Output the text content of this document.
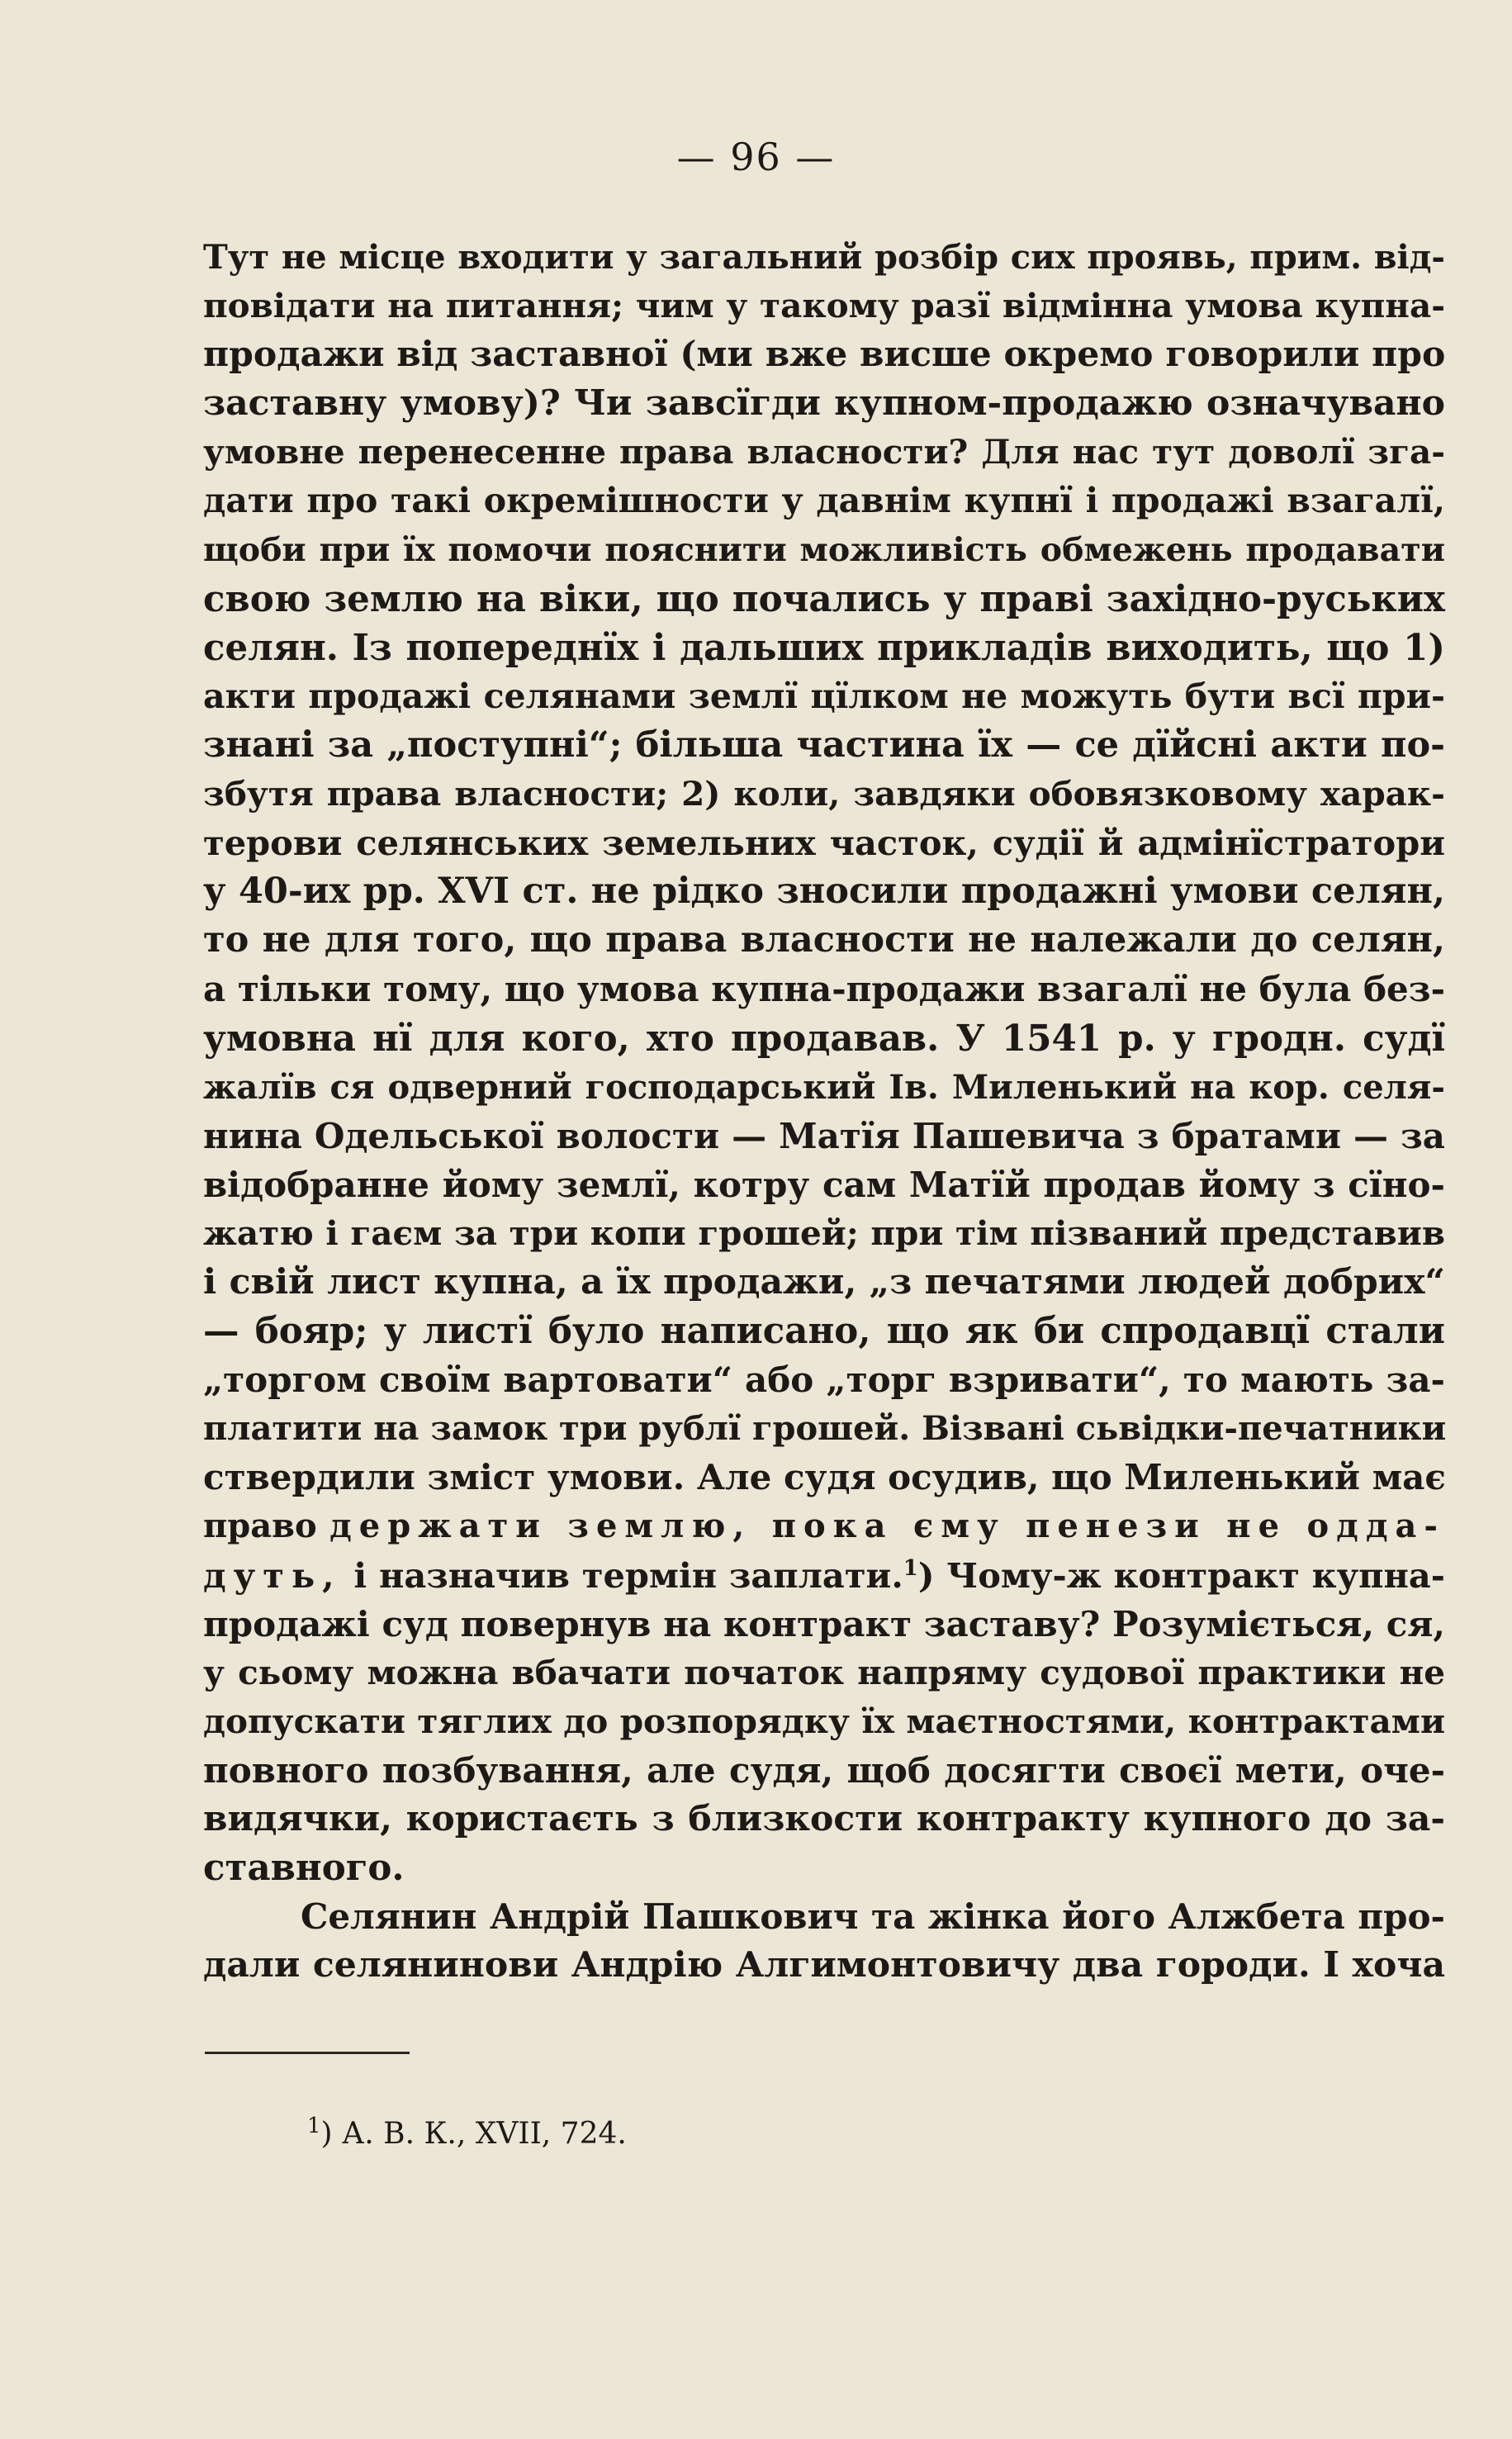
— 96 —
Тут не місце входити у загальний розбір сих проявь, прим. від-
повідати на питання; чим у такому разї відмінна умова купна-
продажи від заставної (ми вже висше окремо говорили про
заставну умову)? Чи завсїгди купном-продажю означувано
умовне перенесенне права власности? Для нас тут доволї зга-
дати про такі окремішности у давнім купнї і продажі взагалї,
щоби при їх помочи пояснити можливість обмежень продавати
свою землю на віки, що почались у праві західно-руських
селян. Із попереднїх і дальших прикладів виходить, що 1)
акти продажі селянами землї цїлком не можуть бути всї при-
знані за „поступні“; більша частина їх — се дїйсні акти по-
збутя права власности; 2) коли, завдяки обовязковому харак-
терови селянських земельних часток, судії й адмінїстратори
у 40-их рр. XVI ст. не рідко зносили продажні умови селян,
то не для того, що права власности не належали до селян,
а тільки тому, що умова купна-продажи взагалї не була без-
умовна нї для кого, хто продавав. У 1541 р. у гродн. судї
жалїв ся одверний господарський Ів. Миленький на кор. селя-
нина Одельської волости — Матїя Пашевича з братами — за
відобранне йому землї, котру сам Матїй продав йому з сїно-
жатю і гаєм за три копи грошей; при тім пізваний представив
і свій лист купна, а їх продажи, „з печатями людей добрих“
— бояр; у листї було написано, що як би спродавцї стали
„торгом своїм вартовати“ або „торг взривати“, то мають за-
платити на замок три рублї грошей. Візвані сьвідки-печатники
ствердили зміст умови. Але судя осудив, що Миленький має
право держати землю, пока єму пенези не одда-
дуть, і назначив термін заплати.$^1$) Чому-ж контракт купна-
продажі суд повернув на контракт заставу? Розуміється, ся,
у сьому можна вбачати початок напряму судової практики не
допускати тяглих до розпорядку їх маєтностями, контрактами
повного позбування, але судя, щоб досягти своєї мети, оче-
видячки, користаєть з близкости контракту купного до за-
ставного.
Селянин Андрій Пашкович та жінка його Алжбета про-
дали селянинови Андрію Алгимонтовичу два городи. І хоча
$^1$) А. В. К., XVII, 724.
